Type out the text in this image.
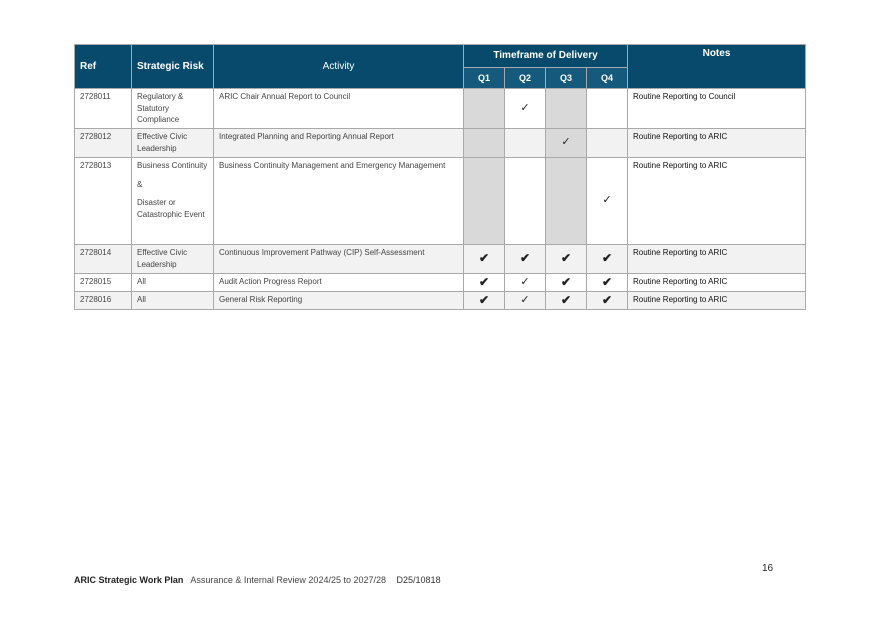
Ref	Strategic Risk	Activity	Timeframe of Delivery				Notes
			Q1	Q2	Q3	Q4	
2728011	Regulatory & Statutory Compliance	ARIC Chair Annual Report to Council		✓			Routine Reporting to Council
2728012	Effective Civic Leadership	Integrated Planning and Reporting Annual Report			✓		Routine Reporting to ARIC
2728013	Business Continuity
&
Disaster or Catastrophic Event	Business Continuity Management and Emergency Management				✓	Routine Reporting to ARIC
2728014	Effective Civic Leadership	Continuous Improvement Pathway (CIP) Self-Assessment	✔	✔	✔	✔	Routine Reporting to ARIC
2728015	All	Audit Action Progress Report	✔	✓	✔	✔	Routine Reporting to ARIC
2728016	All	General Risk Reporting	✔	✓	✔	✔	Routine Reporting to ARIC
16
ARIC Strategic Work Plan Assurance & Internal Review 2024/25 to 2027/28 D25/10818
